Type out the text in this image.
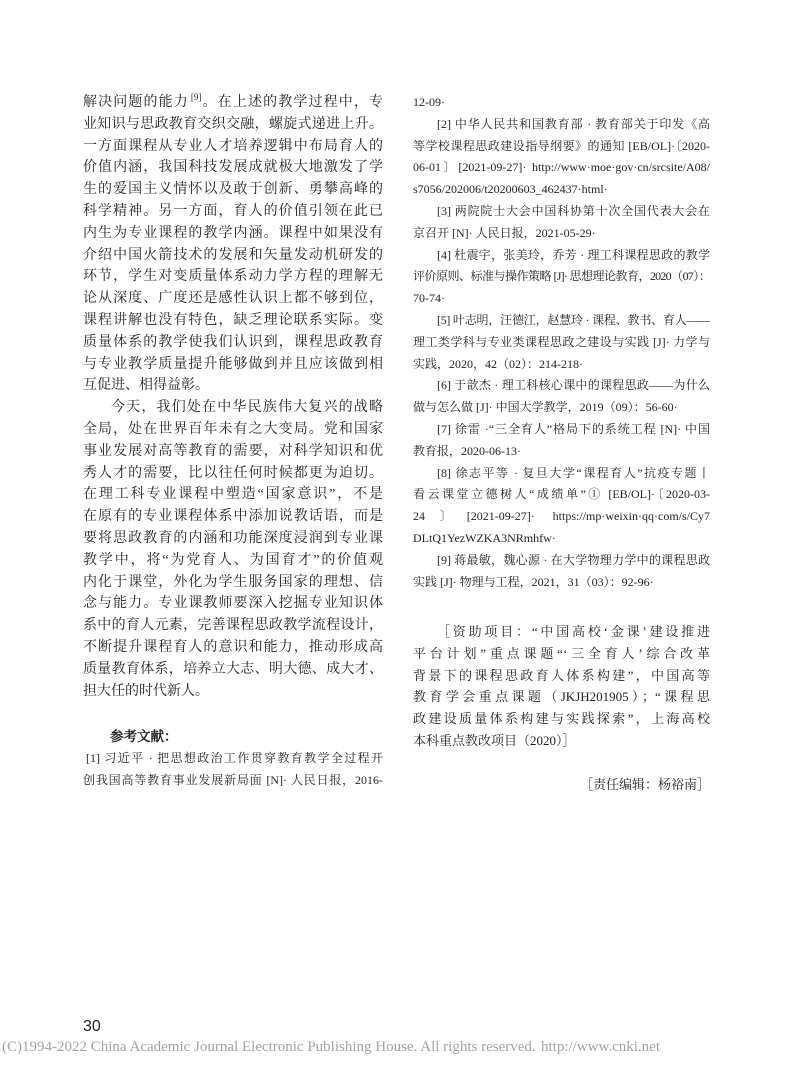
解决问题的能力 [9]。在上述的教学过程中，专
业知识与思政教育交织交融，螺旋式递进上升。
一方面课程从专业人才培养逻辑中布局育人的
价值内涵，我国科技发展成就极大地激发了学
生的爱国主义情怀以及敢于创新、勇攀高峰的
科学精神。另一方面，育人的价值引领在此已
内生为专业课程的教学内涵。课程中如果没有
介绍中国火箭技术的发展和矢量发动机研发的
环节，学生对变质量体系动力学方程的理解无
论从深度、广度还是感性认识上都不够到位，
课程讲解也没有特色，缺乏理论联系实际。变
质量体系的教学使我们认识到，课程思政教育
与专业教学质量提升能够做到并且应该做到相
互促进、相得益彰。
今天，我们处在中华民族伟大复兴的战略
全局，处在世界百年未有之大变局。党和国家
事业发展对高等教育的需要，对科学知识和优
秀人才的需要，比以往任何时候都更为迫切。
在理工科专业课程中塑造“国家意识”，不是
在原有的专业课程体系中添加说教话语，而是
要将思政教育的内涵和功能深度浸润到专业课
教学中，将“为党育人、为国育才”的价值观
内化于课堂，外化为学生服务国家的理想、信
念与能力。专业课教师要深入挖掘专业知识体
系中的育人元素，完善课程思政教学流程设计，
不断提升课程育人的意识和能力，推动形成高
质量教育体系，培养立大志、明大德、成大才、
担大任的时代新人。
参考文献：
[1] 习近平 · 把思想政治工作贯穿教育教学全过程开
创我国高等教育事业发展新局面 [N]· 人民日报，2016-
12-09·
[2] 中华人民共和国教育部 · 教育部关于印发《高
等学校课程思政建设指导纲要》的通知 [EB/OL]·〔2020-
06-01〕[2021-09-27]· http://www·moe·gov·cn/srcsite/A08/
s7056/202006/t20200603_462437·html·
[3] 两院院士大会中国科协第十次全国代表大会在
京召开 [N]· 人民日报，2021-05-29·
[4] 杜震宇，张美玲，乔芳 · 理工科课程思政的教学
评价原则、标准与操作策略 [J]· 思想理论教育，2020（07）：
70-74·
[5] 叶志明，汪德江，赵慧玲 · 课程、教书、育人——
理工类学科与专业类课程思政之建设与实践 [J]· 力学与
实践，2020，42（02）：214-218·
[6] 于歆杰 · 理工科核心课中的课程思政——为什么
做与怎么做 [J]· 中国大学教学，2019（09）：56-60·
[7] 徐雷 ·“三全育人”格局下的系统工程 [N]· 中国
教育报，2020-06-13·
[8] 徐志平等 · 复旦大学“课程育人”抗疫专题丨
看云课堂立德树人“成绩单”① [EB/OL]·〔2020-03-
24〕[2021-09-27]· https://mp·weixin·qq·com/s/Cy7
DLtQ1YezWZKA3NRmhfw·
[9] 蒋最敏，魏心源 · 在大学物理力学中的课程思政
实践 [J]· 物理与工程，2021，31（03）：92-96·
［资助项目：“中国高校‘金课’建设推进
平台计划”重点课题“‘三全育人’综合改革
背景下的课程思政育人体系构建”，中国高等
教育学会重点课题（JKJH201905）；“课程思
政建设质量体系构建与实践探索”，上海高校
本科重点教改项目（2020）］
［责任编辑：杨裕南］
30
(C)1994-2022 China Academic Journal Electronic Publishing House. All rights reserved. http://www.cnki.net
